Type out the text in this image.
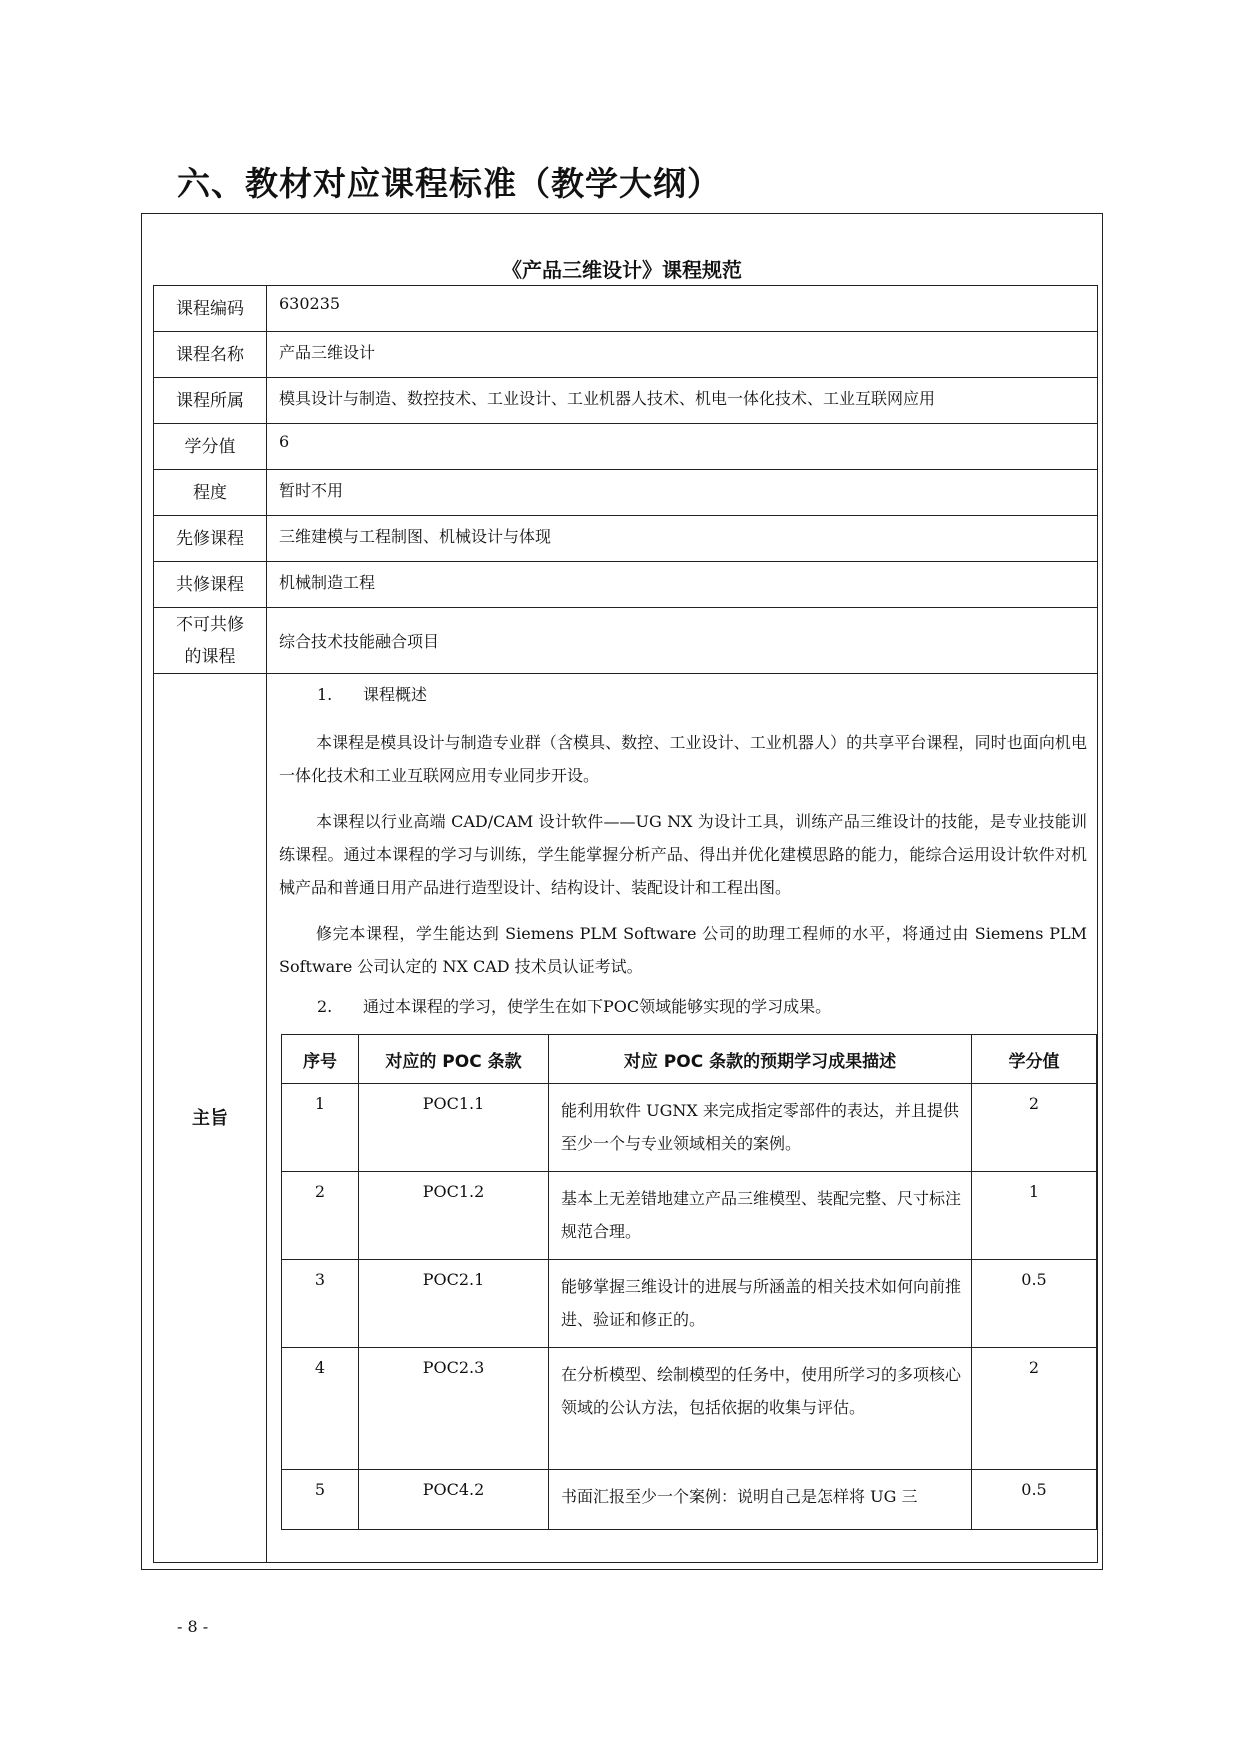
六、教材对应课程标准（教学大纲）
《产品三维设计》课程规范
课程编码	630235
课程名称	产品三维设计
课程所属	模具设计与制造、数控技术、工业设计、工业机器人技术、机电一体化技术、工业互联网应用
学分值	6
程度	暂时不用
先修课程	三维建模与工程制图、机械设计与体现
共修课程	机械制造工程

不可共修
的课程
	综合技术技能融合项目

主旨

1. 课程概述

本课程是模具设计与制造专业群（含模具、数控、工业设计、工业机器人）的共享平台课程，同时也面向机电一体化技术和工业互联网应用专业同步开设。

本课程以行业高端 CAD/CAM 设计软件——UG NX 为设计工具，训练产品三维设计的技能，是专业技能训练课程。通过本课程的学习与训练，学生能掌握分析产品、得出并优化建模思路的能力，能综合运用设计软件对机械产品和普通日用产品进行造型设计、结构设计、装配设计和工程出图。

修完本课程，学生能达到 Siemens PLM Software 公司的助理工程师的水平，将通过由 Siemens PLM Software 公司认定的 NX CAD 技术员认证考试。

2. 通过本课程的学习，使学生在如下POC领域能够实现的学习成果。
序号	对应的 POC 条款	对应 POC 条款的预期学习成果描述	学分值
1	POC1.1	能利用软件 UGNX 来完成指定零部件的表达，并且提供至少一个与专业领域相关的案例。	2
2	POC1.2	基本上无差错地建立产品三维模型、装配完整、尺寸标注规范合理。	1
3	POC2.1	能够掌握三维设计的进展与所涵盖的相关技术如何向前推进、验证和修正的。	0.5
4	POC2.3	在分析模型、绘制模型的任务中，使用所学习的多项核心领域的公认方法，包括依据的收集与评估。	2
5	POC4.2	书面汇报至少一个案例：说明自己是怎样将 UG 三	0.5
- 8 -
